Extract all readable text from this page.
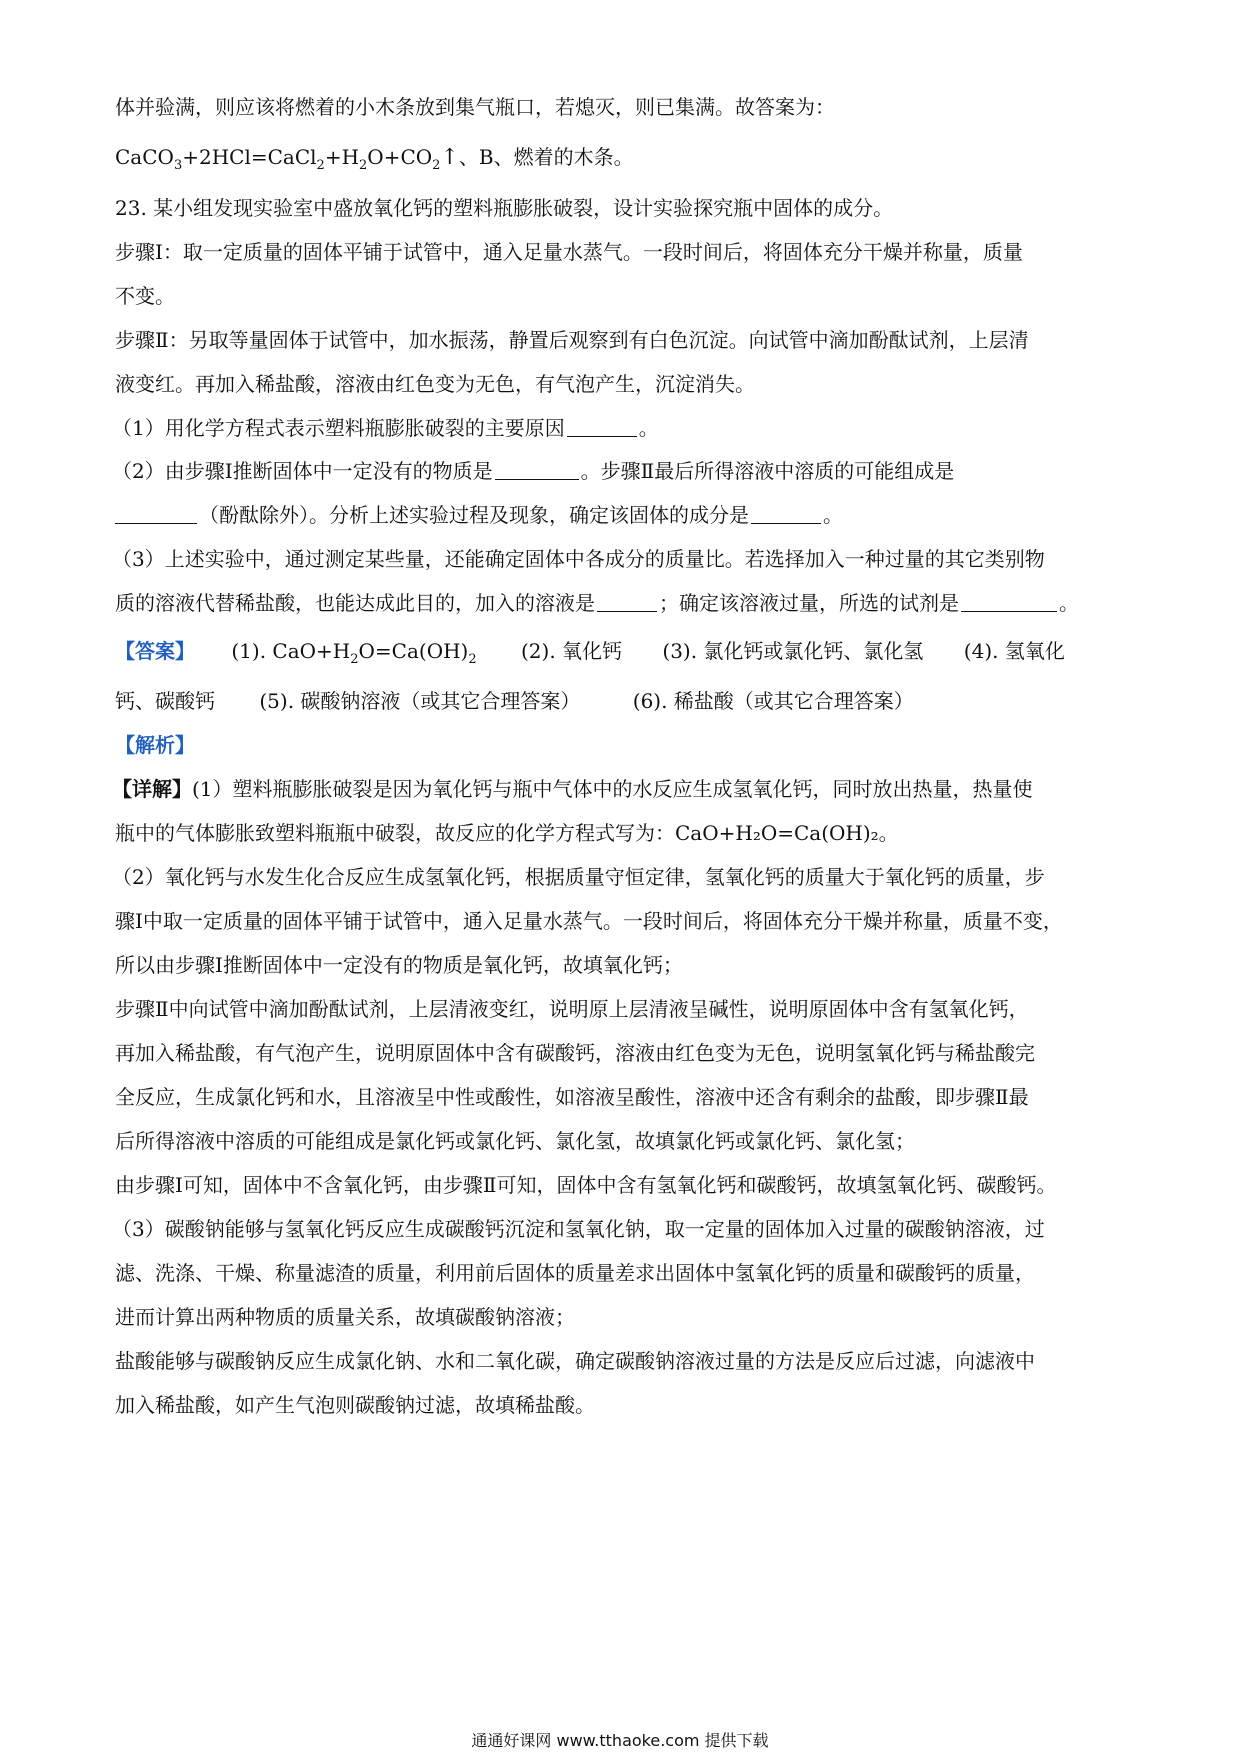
体并验满，则应该将燃着的小木条放到集气瓶口，若熄灭，则已集满。故答案为：
$CaCO_3+2HCl=CaCl_2+H_2O+CO_2↑$、B、燃着的木条。
23. 某小组发现实验室中盛放氧化钙的塑料瓶膨胀破裂，设计实验探究瓶中固体的成分。
步骤Ⅰ：取一定质量的固体平铺于试管中，通入足量水蒸气。一段时间后，将固体充分干燥并称量，质量
不变。
步骤Ⅱ：另取等量固体于试管中，加水振荡，静置后观察到有白色沉淀。向试管中滴加酚酞试剂，上层清
液变红。再加入稀盐酸，溶液由红色变为无色，有气泡产生，沉淀消失。
（1）用化学方程式表示塑料瓶膨胀破裂的主要原因	。
（2）由步骤Ⅰ推断固体中一定没有的物质是	。步骤Ⅱ最后所得溶液中溶质的可能组成是
（酚酞除外）。分析上述实验过程及现象，确定该固体的成分是	。
（3）上述实验中，通过测定某些量，还能确定固体中各成分的质量比。若选择加入一种过量的其它类别物
质的溶液代替稀盐酸，也能达成此目的，加入的溶液是	；确定该溶液过量，所选的试剂是	。
【答案】 (1). $CaO+H_2O=Ca(OH)_2$ (2). 氧化钙 (3). 氯化钙或氯化钙、氯化氢 (4). 氢氧化
钙、碳酸钙 (5). 碳酸钠溶液（或其它合理答案）	(6). 稀盐酸（或其它合理答案）
【解析】
【详解】(1）塑料瓶膨胀破裂是因为氧化钙与瓶中气体中的水反应生成氢氧化钙，同时放出热量，热量使
瓶中的气体膨胀致塑料瓶瓶中破裂，故反应的化学方程式写为：CaO+H₂O=Ca(OH)₂。
（2）氧化钙与水发生化合反应生成氢氧化钙，根据质量守恒定律，氢氧化钙的质量大于氧化钙的质量，步
骤Ⅰ中取一定质量的固体平铺于试管中，通入足量水蒸气。一段时间后，将固体充分干燥并称量，质量不变，
所以由步骤Ⅰ推断固体中一定没有的物质是氧化钙，故填氧化钙；
步骤Ⅱ中向试管中滴加酚酞试剂，上层清液变红，说明原上层清液呈碱性，说明原固体中含有氢氧化钙，
再加入稀盐酸，有气泡产生，说明原固体中含有碳酸钙，溶液由红色变为无色，说明氢氧化钙与稀盐酸完
全反应，生成氯化钙和水，且溶液呈中性或酸性，如溶液呈酸性，溶液中还含有剩余的盐酸，即步骤Ⅱ最
后所得溶液中溶质的可能组成是氯化钙或氯化钙、氯化氢，故填氯化钙或氯化钙、氯化氢；
由步骤Ⅰ可知，固体中不含氧化钙，由步骤Ⅱ可知，固体中含有氢氧化钙和碳酸钙，故填氢氧化钙、碳酸钙。
（3）碳酸钠能够与氢氧化钙反应生成碳酸钙沉淀和氢氧化钠，取一定量的固体加入过量的碳酸钠溶液，过
滤、洗涤、干燥、称量滤渣的质量，利用前后固体的质量差求出固体中氢氧化钙的质量和碳酸钙的质量，
进而计算出两种物质的质量关系，故填碳酸钠溶液；
盐酸能够与碳酸钠反应生成氯化钠、水和二氧化碳，确定碳酸钠溶液过量的方法是反应后过滤，向滤液中
加入稀盐酸，如产生气泡则碳酸钠过滤，故填稀盐酸。
通通好课网 www.tthaoke.com 提供下载
